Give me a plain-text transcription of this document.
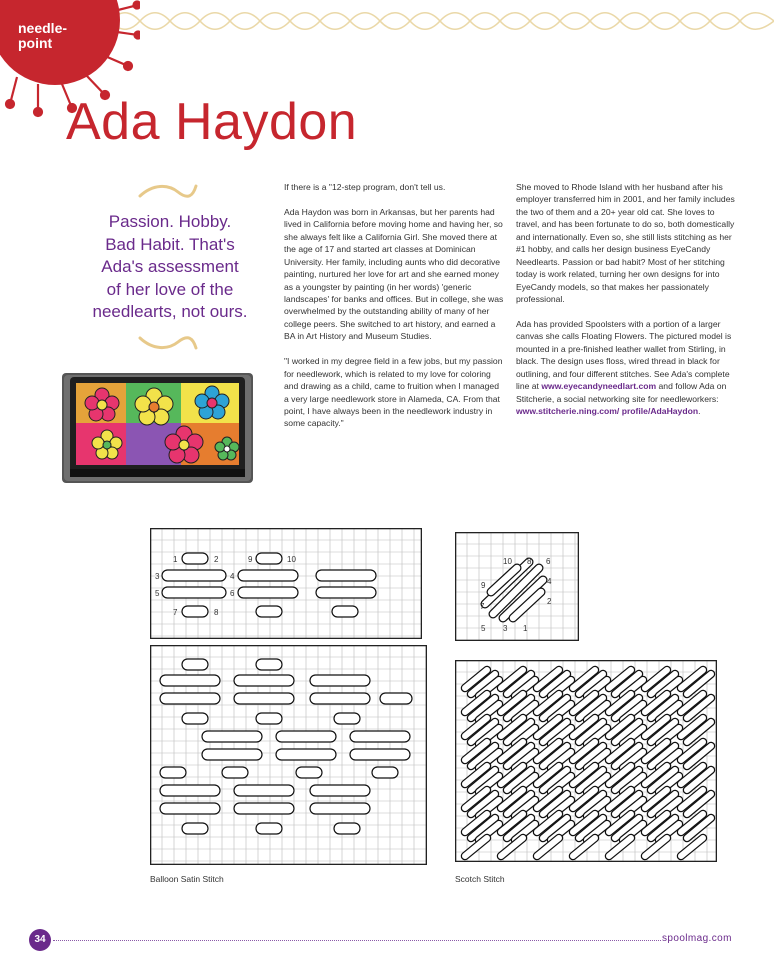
needle-
point
Ada Haydon
Passion. Hobby.
Bad Habit. That's
Ada's assessment
of her love of the
needlearts, not ours.

If there is a "12-step program, don't tell us.

Ada Haydon was born in Arkansas, but her parents had lived in California before moving home and having her, so she always felt like a California Girl. She moved there at the age of 17 and started art classes at Dominican University. Her family, including aunts who did decorative painting, nurtured her love for art and she earned money as a youngster by painting (in her words) 'generic landscapes' for banks and offices. But in college, she was overwhelmed by the outstanding ability of many of her college peers. She switched to art history, and earned a BA in Art History and Museum Studies.

"I worked in my degree field in a few jobs, but my passion for needlework, which is related to my love for coloring and drawing as a child, came to fruition when I managed a very large needlework store in Alameda, CA. From that point, I have always been in the needlework industry in some capacity."

She moved to Rhode Island with her husband after his employer transferred him in 2001, and her family includes the two of them and a 20+ year old cat. She loves to travel, and has been fortunate to do so, both domestically and internationally. Even so, she still lists stitching as her #1 hobby, and calls her design business EyeCandy Needlearts. Passion or bad habit? Most of her stitching today is work related, turning her own designs for into EyeCandy models, so that makes her passionately professional.

Ada has provided Spoolsters with a portion of a larger canvas she calls Floating Flowers. The pictured model is mounted in a pre-finished leather wallet from Stirling, in black. The design uses floss, wired thread in black for outlining, and four different stitches. See Ada's complete line at www.eyecandyneedlart.com and follow Ada on Stitcherie, a social networking site for needleworkers: www.stitcherie.ning.com/ profile/AdaHaydon.

1	2	9	10
3	4
5	6
7	8
10 8 6
9	4
2
7
5 3 1
Balloon Satin Stitch	Scotch Stitch
34	spoolmag.com
